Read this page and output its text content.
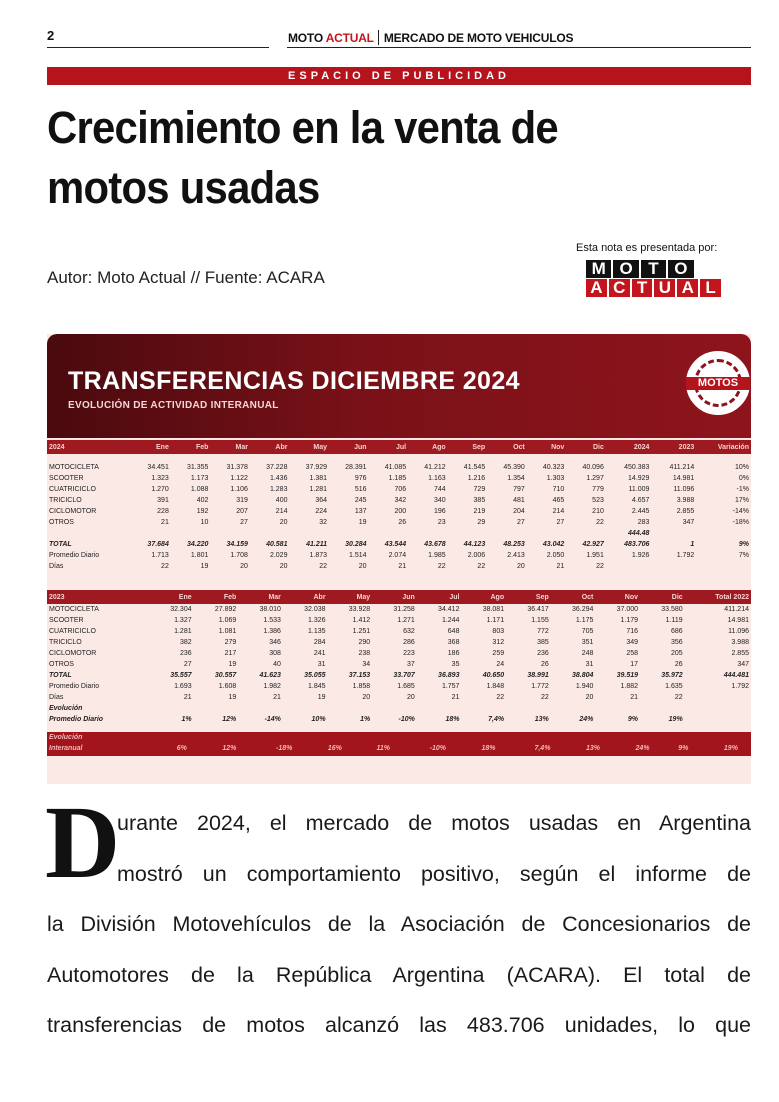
2	MOTO ACTUAL MERCADO DE MOTO VEHICULOS
ESPACIO DE PUBLICIDAD
Crecimiento en la venta de
motos usadas
Esta nota es presentada por:
M O T O
A C T U A L
Autor: Moto Actual // Fuente: ACARA
TRANSFERENCIAS DICIEMBRE 2024
EVOLUCIÓN DE ACTIVIDAD INTERANUAL
MOTOS
2024	Ene	Feb	Mar	Abr	May	Jun	Jul	Ago	Sep	Oct	Nov	Dic	2024	2023	Variación

MOTOCICLETA	34.451	31.355	31.378	37.228	37.929	28.391	41.085	41.212	41.545	45.390	40.323	40.096	450.383	411.214	10%
SCOOTER	1.323	1.173	1.122	1.436	1.381	976	1.185	1.163	1.216	1.354	1.303	1.297	14.929	14.981	0%
CUATRICICLO	1.270	1.088	1.106	1.283	1.281	516	706	744	729	797	710	779	11.009	11.096	-1%
TRICICLO	391	402	319	400	364	245	342	340	385	481	465	523	4.657	3.988	17%
CICLOMOTOR	228	192	207	214	224	137	200	196	219	204	214	210	2.445	2.855	-14%
OTROS	21	10	27	20	32	19	26	23	29	27	27	22	283	347	-18%
													444.48		
TOTAL	37.684	34.220	34.159	40.581	41.211	30.284	43.544	43.678	44.123	48.253	43.042	42.927	483.706	1	9%
Promedio Diario	1.713	1.801	1.708	2.029	1.873	1.514	2.074	1.985	2.006	2.413	2.050	1.951	1.926	1.792	7%
Días	22	19	20	20	22	20	21	22	22	20	21	22			
2023	Ene	Feb	Mar	Abr	May	Jun	Jul	Ago	Sep	Oct	Nov	Dic	Total 2022
MOTOCICLETA	32.304	27.892	38.010	32.038	33.928	31.258	34.412	38.081	36.417	36.294	37.000	33.580	411.214
SCOOTER	1.327	1.069	1.533	1.326	1.412	1.271	1.244	1.171	1.155	1.175	1.179	1.119	14.981
CUATRICICLO	1.281	1.081	1.386	1.135	1.251	632	648	803	772	705	716	686	11.096
TRICICLO	382	279	346	284	290	286	368	312	385	351	349	356	3.988
CICLOMOTOR	236	217	308	241	238	223	186	259	236	248	258	205	2.855
OTROS	27	19	40	31	34	37	35	24	26	31	17	26	347
TOTAL	35.557	30.557	41.623	35.055	37.153	33.707	36.893	40.650	38.991	38.804	39.519	35.972	444.481
Promedio Diario	1.693	1.608	1.982	1.845	1.858	1.685	1.757	1.848	1.772	1.940	1.882	1.635	1.792
Días	21	19	21	19	20	20	21	22	22	20	21	22	
Evolución													
Promedio Diario	1%	12%	-14%	10%	1%	-10%	18%	7,4%	13%	24%	9%	19%	
Evolución													
Interanual	6%	12%	-18%	16%	11%	-10%	18%	7,4%	13%	24%	9%	19%	
D
urante 2024, el mercado de motos usadas en Argentina
mostró un comportamiento positivo, según el informe de
la División Motovehículos de la Asociación de Concesionarios de
Automotores de la República Argentina (ACARA). El total de
transferencias de motos alcanzó las 483.706 unidades, lo que
